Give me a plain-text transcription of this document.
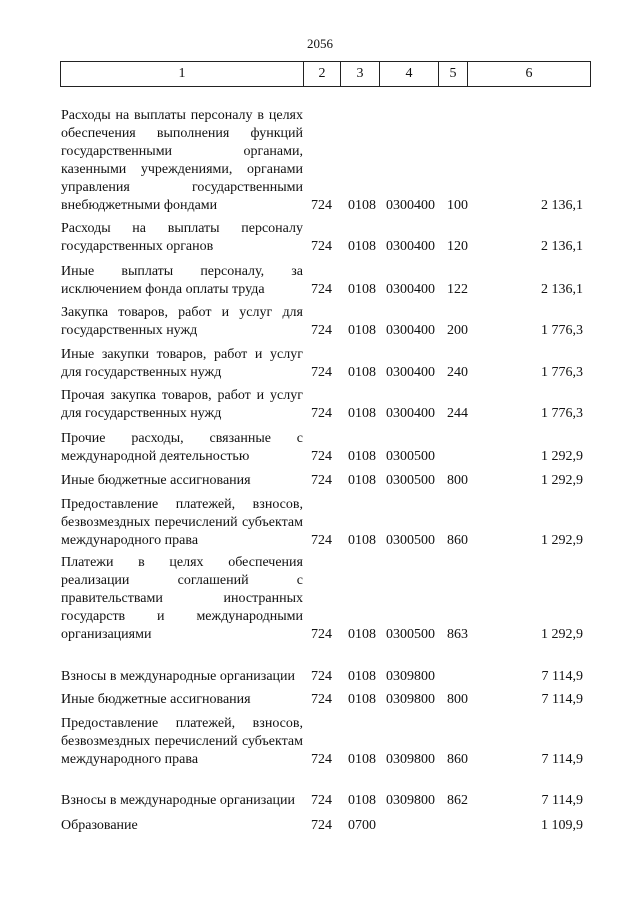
2056
1	2	3	4	5	6
Расходы на выплаты персоналу в целях обеспечения выполнения функций государственными органами, казенными учреждениями, органами управления государственными внебюджетными фондами	724 0108 0300400 100	2 136,1
Расходы на выплаты персоналу государственных органов	724 0108 0300400 120	2 136,1
Иные выплаты персоналу, за исключением фонда оплаты труда	724 0108 0300400 122	2 136,1
Закупка товаров, работ и услуг для государственных нужд	724 0108 0300400 200	1 776,3
Иные закупки товаров, работ и услуг для государственных нужд	724 0108 0300400 240	1 776,3
Прочая закупка товаров, работ и услуг для государственных нужд	724 0108 0300400 244	1 776,3
Прочие расходы, связанные с международной деятельностью	724 0108 0300500	1 292,9
Иные бюджетные ассигнования	724 0108 0300500 800	1 292,9
Предоставление платежей, взносов, безвозмездных перечислений субъектам международного права	724 0108 0300500 860	1 292,9
Платежи в целях обеспечения реализации соглашений с правительствами иностранных государств и международными организациями	724 0108 0300500 863	1 292,9
Взносы в международные организации	724 0108 0309800	7 114,9
Иные бюджетные ассигнования	724 0108 0309800 800	7 114,9
Предоставление платежей, взносов, безвозмездных перечислений субъектам международного права	724 0108 0309800 860	7 114,9
Взносы в международные организации	724 0108 0309800 862	7 114,9
Образование	724 0700	1 109,9
